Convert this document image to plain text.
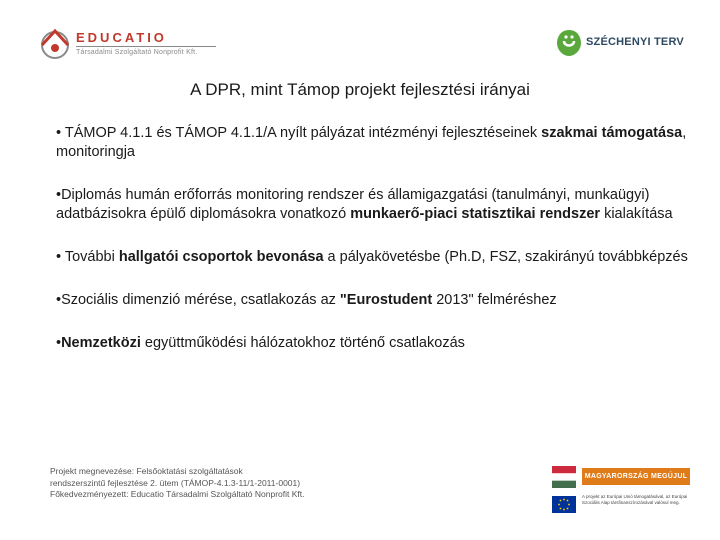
EDUCATIO
Társadalmi Szolgáltató Nonprofit Kft.
SZÉCHENYI TERV
A DPR, mint Támop projekt fejlesztési irányai

• TÁMOP 4.1.1 és TÁMOP 4.1.1/A nyílt pályázat intézményi fejlesztéseinek szakmai támogatása, monitoringja

•Diplomás humán erőforrás monitoring rendszer és államigazgatási (tanulmányi, munkaügyi) adatbázisokra épülő diplomásokra vonatkozó munkaerő-piaci statisztikai rendszer kialakítása

• További hallgatói csoportok bevonása a pályakövetésbe (Ph.D, FSZ, szakirányú továbbképzés

•Szociális dimenzió mérése, csatlakozás az "Eurostudent 2013" felméréshez

•Nemzetközi együttműködési hálózatokhoz történő csatlakozás

Projekt megnevezése: Felsőoktatási szolgáltatások
rendszerszintű fejlesztése 2. ütem (TÁMOP-4.1.3-11/1-2011-0001)
Főkedvezményezett: Educatio Társadalmi Szolgáltató Nonprofit Kft.
MAGYARORSZÁG MEGÚJUL
A projekt az Európai Unió támogatásával, az Európai Szociális Alap társfinanszírozásával valósul meg.
